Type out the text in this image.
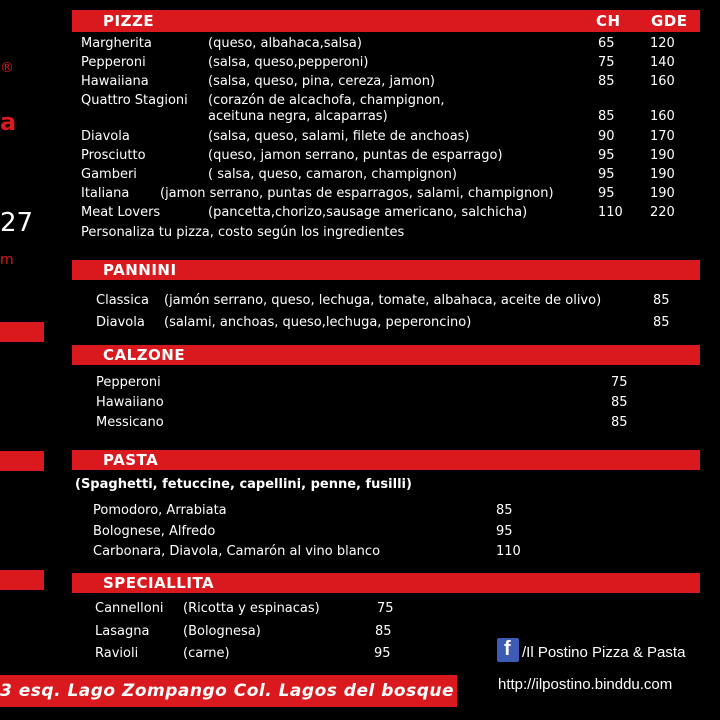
®
a
27
m
PIZZE	CH GDE
Margherita	(queso, albahaca,salsa)	65	120
Pepperoni	(salsa, queso,pepperoni)	75	140
Hawaiiana	(salsa, queso, pina, cereza, jamon)	85	160
Quattro Stagioni (corazón de alcachofa, champignon,
aceituna negra, alcaparras)	85	160
Diavola	(salsa, queso, salami, filete de anchoas)	90	170
Prosciutto	(queso, jamon serrano, puntas de esparrago)	95	190
Gamberi	( salsa, queso, camaron, champignon)	95	190
Italiana (jamon serrano, puntas de esparragos, salami, champignon)	95	190
Meat Lovers	(pancetta,chorizo,sausage americano, salchicha)	110 220
Personaliza tu pizza, costo según los ingredientes
PANNINI
Classica (jamón serrano, queso, lechuga, tomate, albahaca, aceite de olivo)	85
Diavola (salami, anchoas, queso,lechuga, peperoncino)	85
CALZONE
Pepperoni	75
Hawaiiano	85
Messicano	85
PASTA
(Spaghetti, fetuccine, capellini, penne, fusilli)
Pomodoro, Arrabiata	85
Bolognese, Alfredo	95
Carbonara, Diavola, Camarón al vino blanco	110
SPECIALLITA
Cannelloni (Ricotta y espinacas)	75
Lasagna	(Bolognesa)	85
Ravioli	(carne)	95
3 esq. Lago Zompango Col. Lagos del bosque
f /Il Postino Pizza & Pasta
http://ilpostino.binddu.com
